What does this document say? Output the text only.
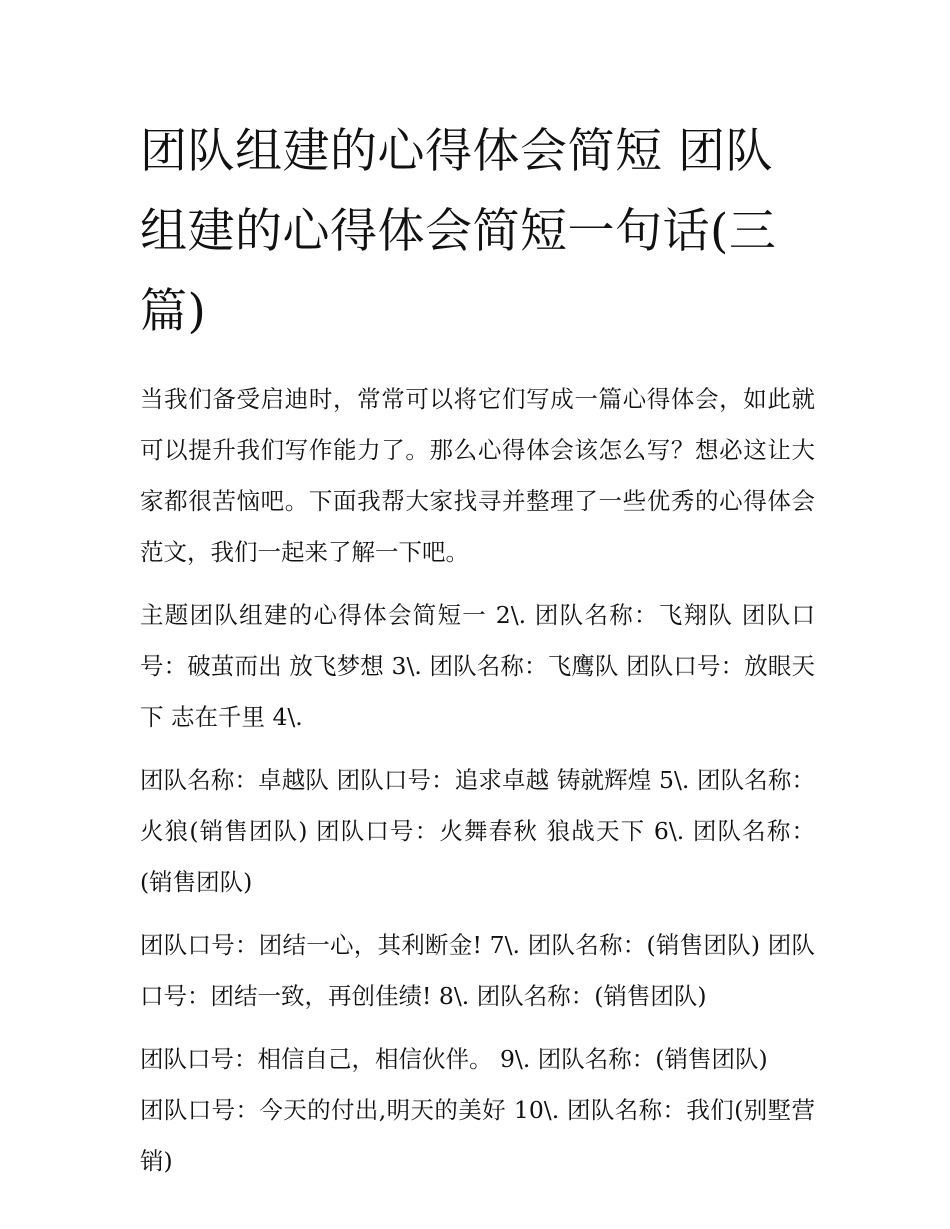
团队组建的心得体会简短 团队组建的心得体会简短一句话(三篇)

当我们备受启迪时，常常可以将它们写成一篇心得体会，如此就可以提升我们写作能力了。那么心得体会该怎么写？想必这让大家都很苦恼吧。下面我帮大家找寻并整理了一些优秀的心得体会范文，我们一起来了解一下吧。

主题团队组建的心得体会简短一 2\. 团队名称：飞翔队 团队口号：破茧而出 放飞梦想 3\. 团队名称：飞鹰队 团队口号：放眼天下 志在千里 4\.

团队名称：卓越队 团队口号：追求卓越 铸就辉煌 5\. 团队名称：火狼(销售团队) 团队口号：火舞春秋 狼战天下 6\. 团队名称：(销售团队)

团队口号：团结一心，其利断金! 7\. 团队名称：(销售团队) 团队口号：团结一致，再创佳绩! 8\. 团队名称：(销售团队)

团队口号：相信自己，相信伙伴。 9\. 团队名称：(销售团队)

团队口号：今天的付出,明天的美好 10\. 团队名称：我们(别墅营销)
